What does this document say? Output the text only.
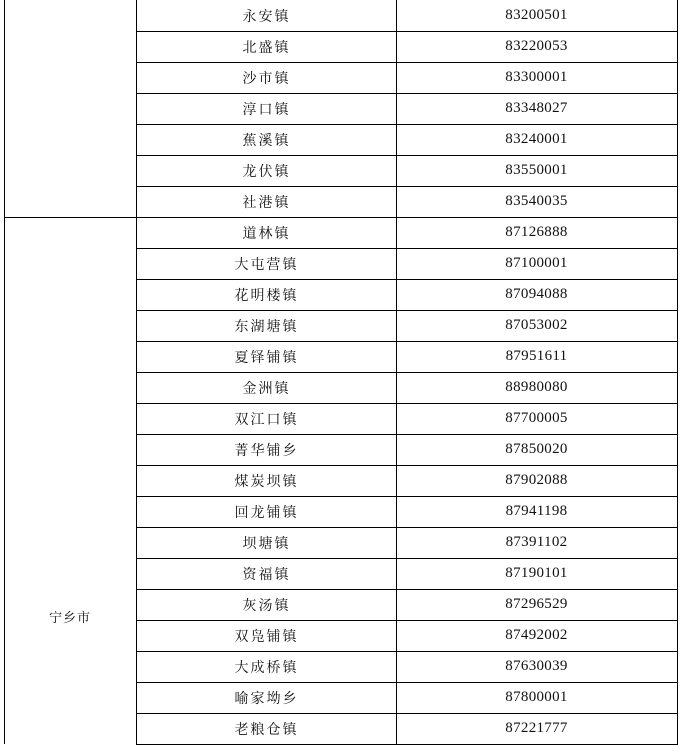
永安镇	83200501
北盛镇	83220053
沙市镇	83300001
淳口镇	83348027
蕉溪镇	83240001
龙伏镇	83550001
社港镇	83540035
道林镇	87126888
大屯营镇	87100001
花明楼镇	87094088
东湖塘镇	87053002
夏铎铺镇	87951611
金洲镇	88980080
双江口镇	87700005
菁华铺乡	87850020
煤炭坝镇	87902088
回龙铺镇	87941198
坝塘镇	87391102
资福镇	87190101
灰汤镇	87296529
双凫铺镇	87492002
大成桥镇	87630039
喻家坳乡	87800001
老粮仓镇	87221777
宁乡市
